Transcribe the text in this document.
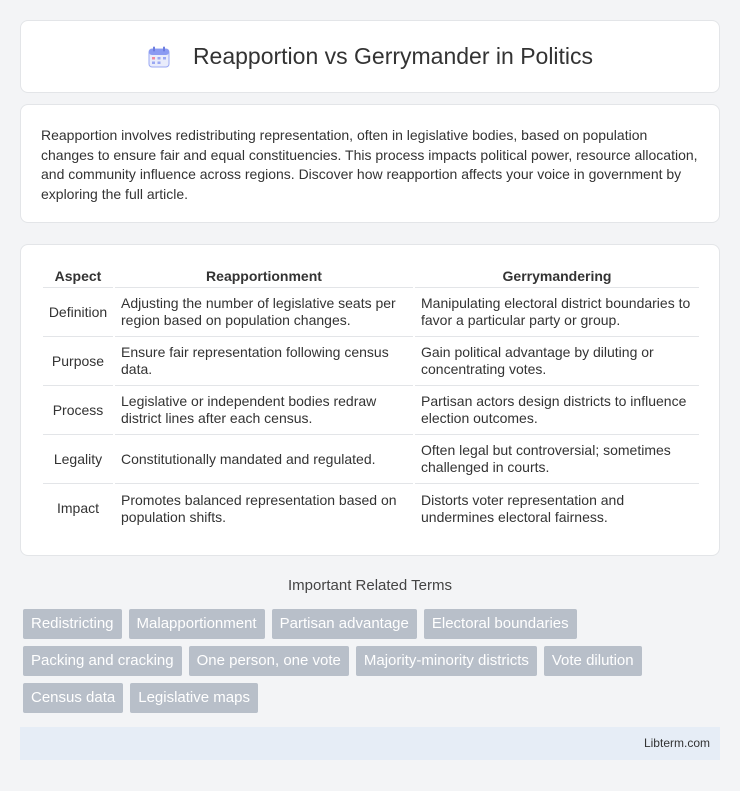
Reapportion vs Gerrymander in Politics

Reapportion involves redistributing representation, often in legislative bodies, based on population changes to ensure fair and equal constituencies. This process impacts political power, resource allocation, and community influence across regions. Discover how reapportion affects your voice in government by exploring the full article.

Aspect	Reapportionment	Gerrymandering
Definition	Adjusting the number of legislative seats per region based on population changes.	Manipulating electoral district boundaries to favor a particular party or group.
Purpose	Ensure fair representation following census data.	Gain political advantage by diluting or concentrating votes.
Process	Legislative or independent bodies redraw district lines after each census.	Partisan actors design districts to influence election outcomes.
Legality	Constitutionally mandated and regulated.	Often legal but controversial; sometimes challenged in courts.
Impact	Promotes balanced representation based on population shifts.	Distorts voter representation and undermines electoral fairness.
Important Related Terms
Redistricting	Malapportionment	Partisan advantage	Electoral boundaries
Packing and cracking	One person, one vote	Majority-minority districts	Vote dilution
Census data	Legislative maps
Libterm.com
